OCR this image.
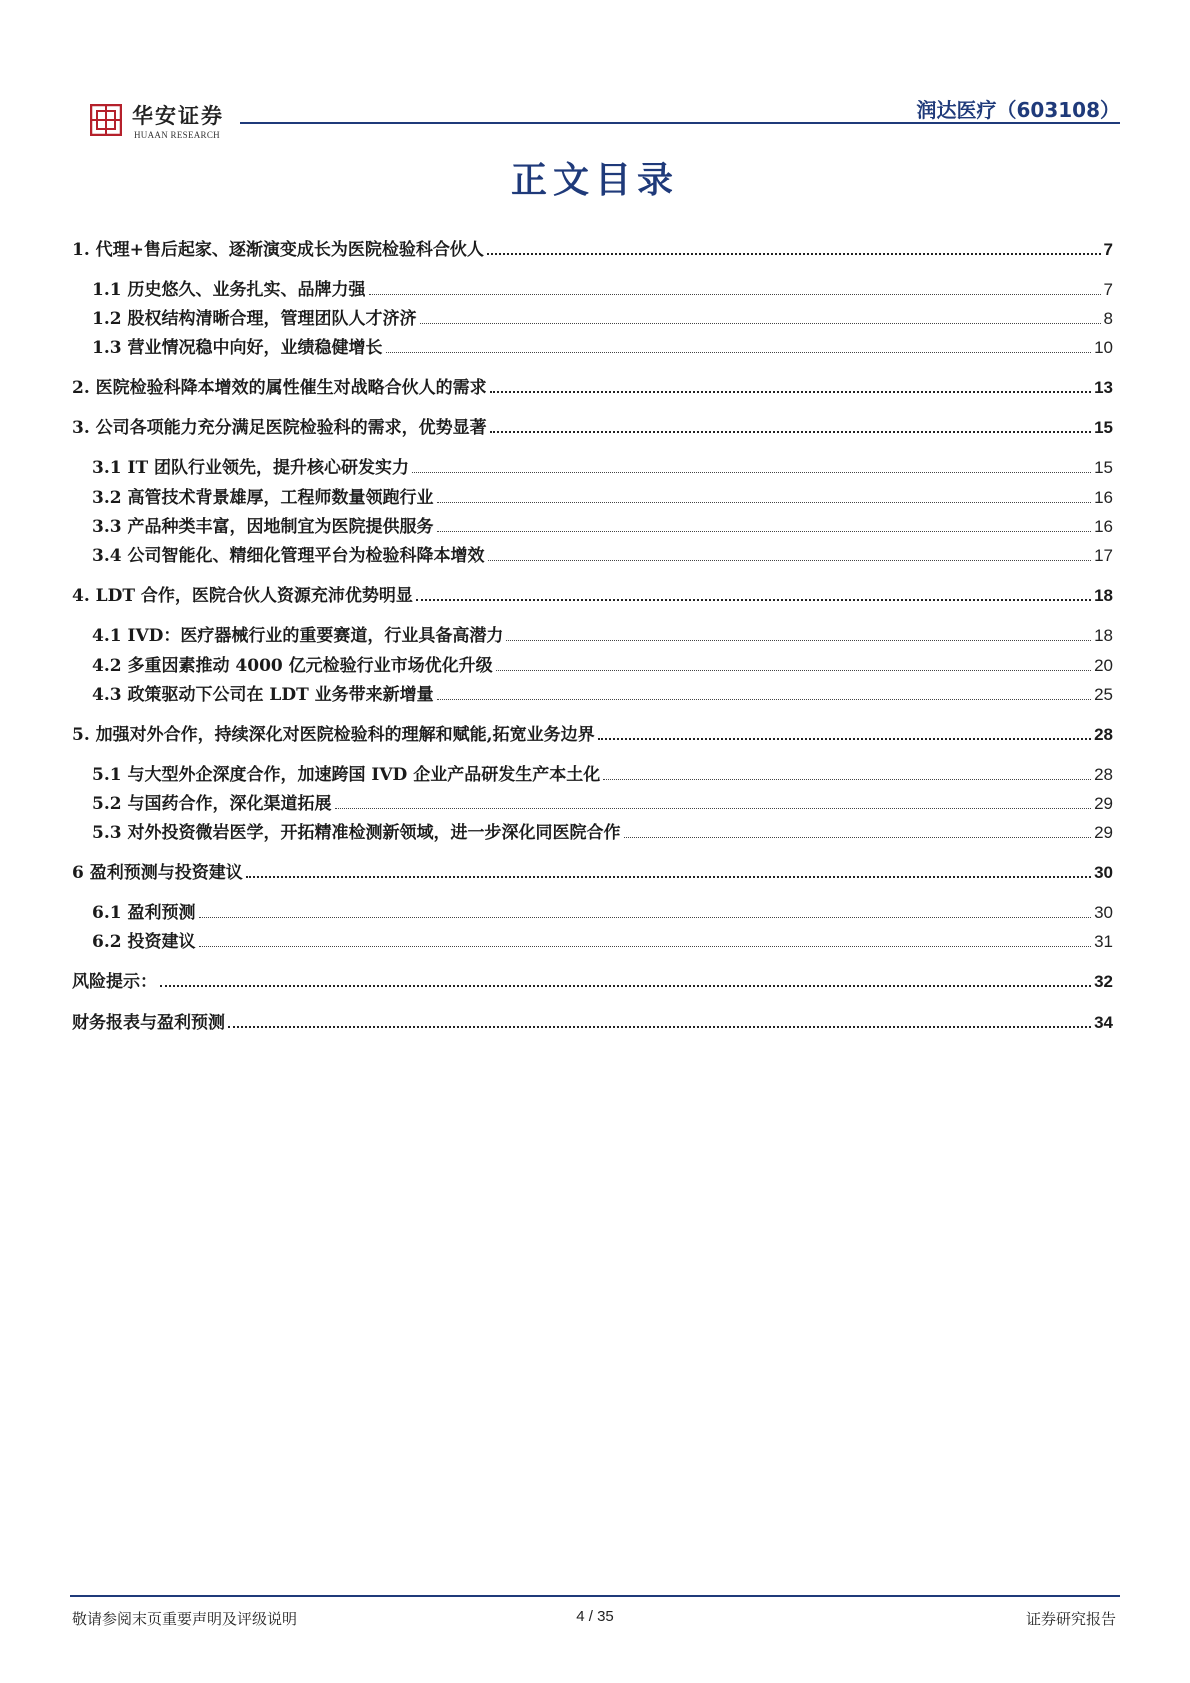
华安证券
HUAAN RESEARCH
润达医疗（603108）
正文目录
1. 代理+售后起家、逐渐演变成长为医院检验科合伙人	7
1.1 历史悠久、业务扎实、品牌力强	7
1.2 股权结构清晰合理，管理团队人才济济	8
1.3 营业情况稳中向好，业绩稳健增长	10
2. 医院检验科降本增效的属性催生对战略合伙人的需求	13
3. 公司各项能力充分满足医院检验科的需求，优势显著	15
3.1 IT 团队行业领先，提升核心研发实力	15
3.2 高管技术背景雄厚，工程师数量领跑行业	16
3.3 产品种类丰富，因地制宜为医院提供服务	16
3.4 公司智能化、精细化管理平台为检验科降本增效	17
4. LDT 合作，医院合伙人资源充沛优势明显	18
4.1 IVD：医疗器械行业的重要赛道，行业具备高潜力	18
4.2 多重因素推动 4000 亿元检验行业市场优化升级	20
4.3 政策驱动下公司在 LDT 业务带来新增量	25
5. 加强对外合作，持续深化对医院检验科的理解和赋能,拓宽业务边界	28
5.1 与大型外企深度合作，加速跨国 IVD 企业产品研发生产本土化	28
5.2 与国药合作，深化渠道拓展	29
5.3 对外投资微岩医学，开拓精准检测新领域，进一步深化同医院合作	29
6 盈利预测与投资建议	30
6.1 盈利预测	30
6.2 投资建议	31
风险提示：	32
财务报表与盈利预测	34
敬请参阅末页重要声明及评级说明	4 / 35	证券研究报告
